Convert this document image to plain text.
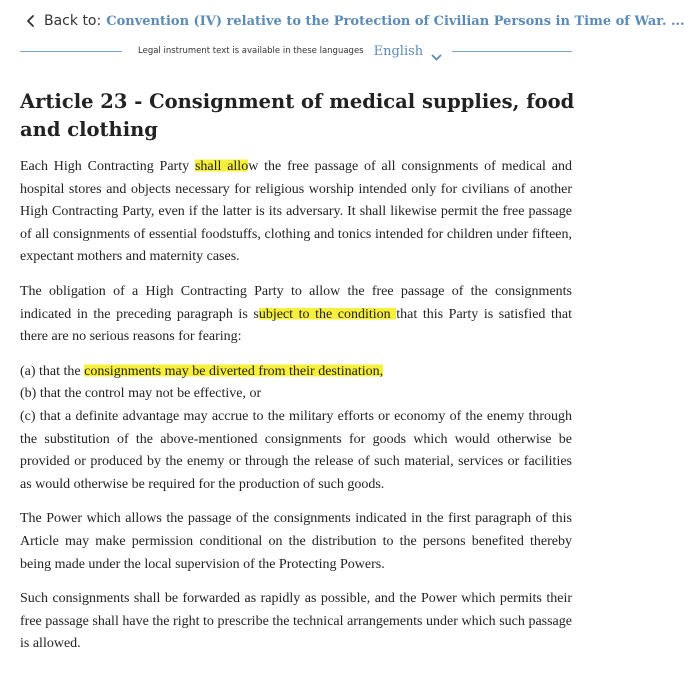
Back to: Convention (IV) relative to the Protection of Civilian Persons in Time of War. ...
Legal instrument text is available in these languages English
Article 23 - Consignment of medical supplies, food and clothing

Each High Contracting Party shall allow the free passage of all consignments of medical and hospital stores and objects necessary for religious worship intended only for civilians of another High Contracting Party, even if the latter is its adversary. It shall likewise permit the free passage of all consignments of essential foodstuffs, clothing and tonics intended for children under fifteen, expectant mothers and maternity cases.

The obligation of a High Contracting Party to allow the free passage of the consignments indicated in the preceding paragraph is subject to the condition that this Party is satisfied that there are no serious reasons for fearing:

(a) that the consignments may be diverted from their destination,

(b) that the control may not be effective, or

(c) that a definite advantage may accrue to the military efforts or economy of the enemy through the substitution of the above-mentioned consignments for goods which would otherwise be provided or produced by the enemy or through the release of such material, services or facilities as would otherwise be required for the production of such goods.

The Power which allows the passage of the consignments indicated in the first paragraph of this Article may make permission conditional on the distribution to the persons benefited thereby being made under the local supervision of the Protecting Powers.

Such consignments shall be forwarded as rapidly as possible, and the Power which permits their free passage shall have the right to prescribe the technical arrangements under which such passage is allowed.
